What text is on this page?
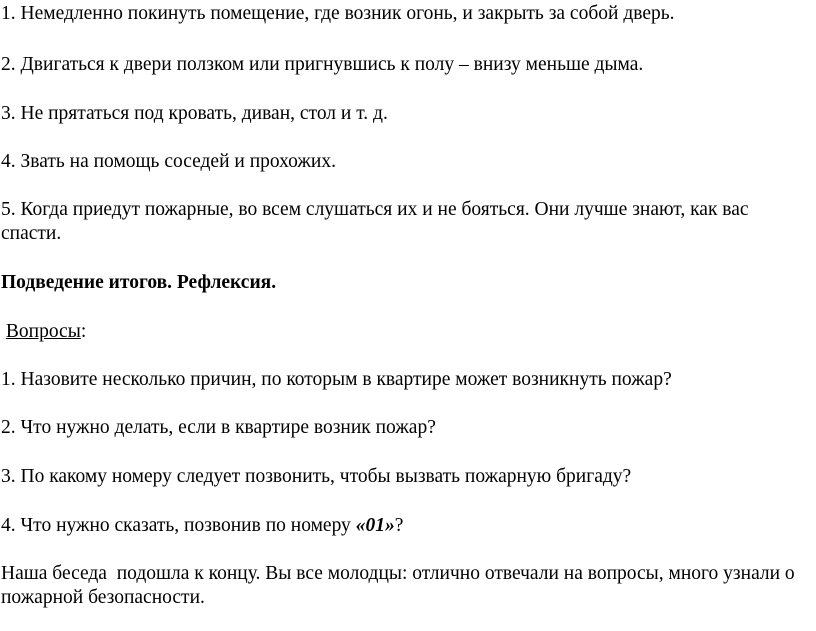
1. Немедленно покинуть помещение, где возник огонь, и закрыть за собой дверь.

2. Двигаться к двери ползком или пригнувшись к полу – внизу меньше дыма.

3. Не прятаться под кровать, диван, стол и т. д.

4. Звать на помощь соседей и прохожих.

5. Когда приедут пожарные, во всем слушаться их и не бояться. Они лучше знают, как вас спасти.

Подведение итогов. Рефлексия.

Вопросы:

1. Назовите несколько причин, по которым в квартире может возникнуть пожар?

2. Что нужно делать, если в квартире возник пожар?

3. По какому номеру следует позвонить, чтобы вызвать пожарную бригаду?

4. Что нужно сказать, позвонив по номеру «01»?

Наша беседа  подошла к концу. Вы все молодцы: отлично отвечали на вопросы, много узнали о пожарной безопасности.
